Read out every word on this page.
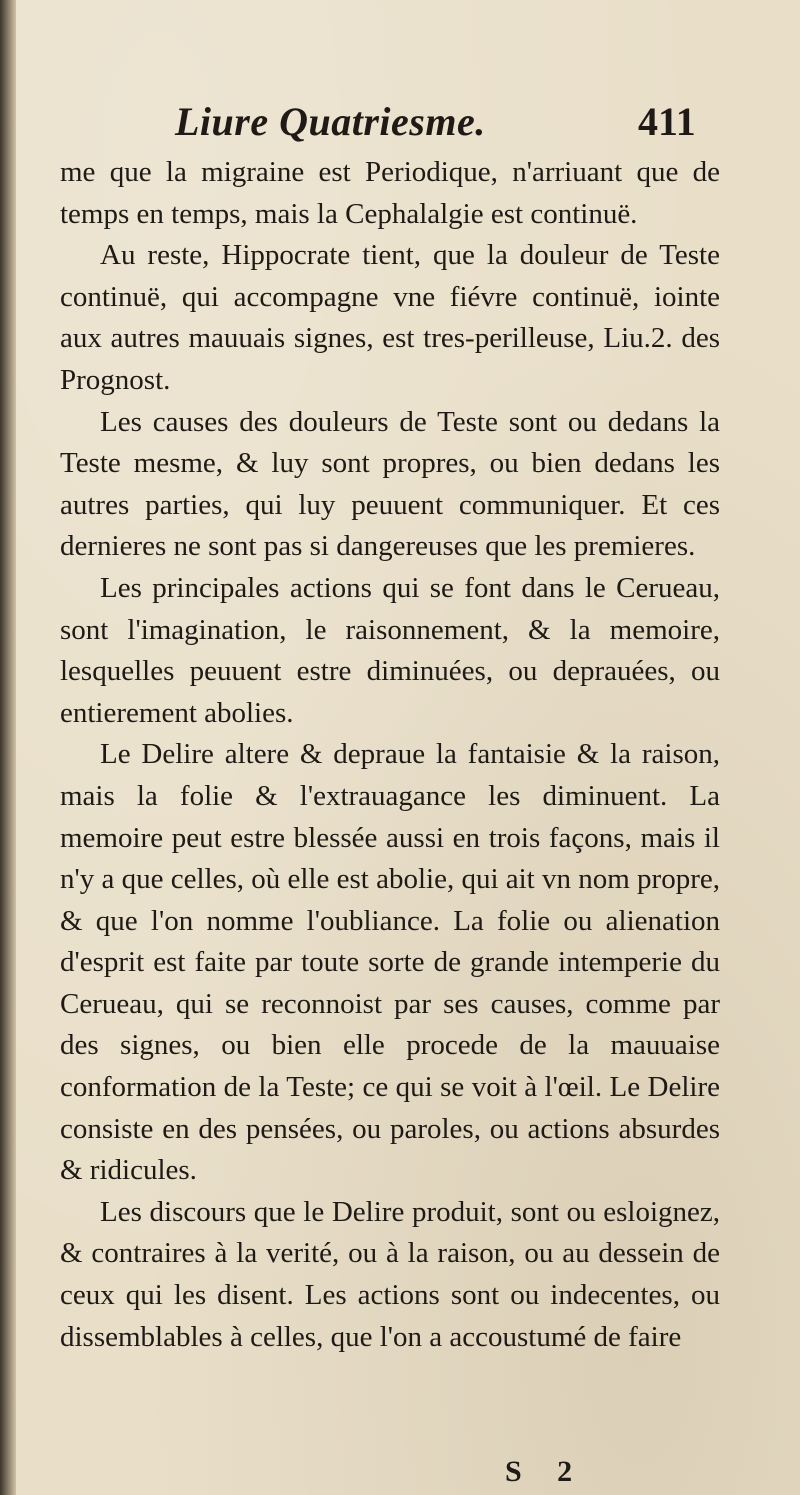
Liure Quatriesme.	411

me que la migraine est Periodique, n'arriuant que de temps en temps, mais la Cephalalgie est continuë.

Au reste, Hippocrate tient, que la douleur de Teste continuë, qui accompagne vne fiévre continuë, iointe aux autres mauuais signes, est tres-perilleuse, Liu.2. des Prognost.

Les causes des douleurs de Teste sont ou dedans la Teste mesme, & luy sont propres, ou bien dedans les autres parties, qui luy peuuent communiquer. Et ces dernieres ne sont pas si dangereuses que les premieres.

Les principales actions qui se font dans le Cerueau, sont l'imagination, le raisonnement, & la memoire, lesquelles peuuent estre diminuées, ou deprauées, ou entierement abolies.

Le Delire altere & depraue la fantaisie & la raison, mais la folie & l'extrauagance les diminuent. La memoire peut estre blessée aussi en trois façons, mais il n'y a que celles, où elle est abolie, qui ait vn nom propre, & que l'on nomme l'oubliance. La folie ou alienation d'esprit est faite par toute sorte de grande intemperie du Cerueau, qui se reconnoist par ses causes, comme par des signes, ou bien elle procede de la mauuaise conformation de la Teste; ce qui se voit à l'œil. Le Delire consiste en des pensées, ou paroles, ou actions absurdes & ridicules.

Les discours que le Delire produit, sont ou esloignez, & contraires à la verité, ou à la raison, ou au dessein de ceux qui les disent. Les actions sont ou indecentes, ou dissemblables à celles, que l'on a accoustumé de faire

S 2
